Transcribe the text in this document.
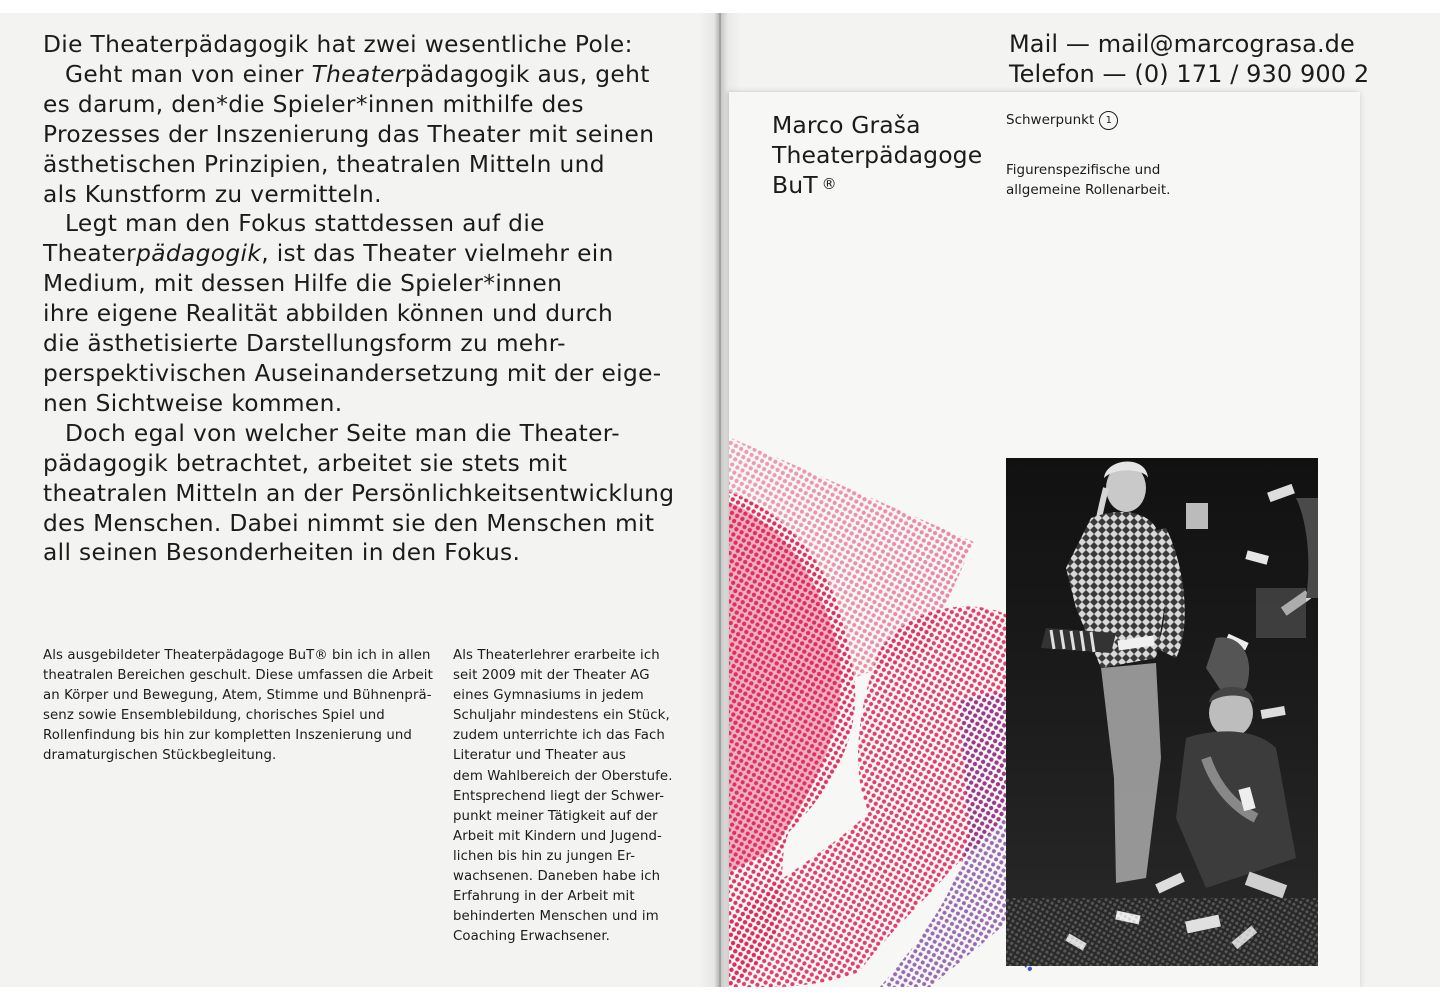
Die Theaterpädagogik hat zwei wesentliche Pole:
Geht man von einer Theaterpädagogik aus, geht
es darum, den*die Spieler*innen mithilfe des
Prozesses der Inszenierung das Theater mit seinen
ästhetischen Prinzipien, theatralen Mitteln und
als Kunstform zu vermitteln.
Legt man den Fokus stattdessen auf die
Theaterpädagogik, ist das Theater vielmehr ein
Medium, mit dessen Hilfe die Spieler*innen
ihre eigene Realität abbilden können und durch
die ästhetisierte Darstellungsform zu mehr-
perspektivischen Auseinandersetzung mit der eige-
nen Sichtweise kommen.
Doch egal von welcher Seite man die Theater-
pädagogik betrachtet, arbeitet sie stets mit
theatralen Mitteln an der Persönlichkeitsentwicklung
des Menschen. Dabei nimmt sie den Menschen mit
all seinen Besonderheiten in den Fokus.
Als ausgebildeter Theaterpädagoge BuT® bin ich in allen
theatralen Bereichen geschult. Diese umfassen die Arbeit
an Körper und Bewegung, Atem, Stimme und Bühnenprä-
senz sowie Ensemblebildung, chorisches Spiel und
Rollenfindung bis hin zur kompletten Inszenierung und
dramaturgischen Stückbegleitung.
Als Theaterlehrer erarbeite ich
seit 2009 mit der Theater AG
eines Gymnasiums in jedem
Schuljahr mindestens ein Stück,
zudem unterrichte ich das Fach
Literatur und Theater aus
dem Wahlbereich der Oberstufe.
Entsprechend liegt der Schwer-
punkt meiner Tätigkeit auf der
Arbeit mit Kindern und Jugend-
lichen bis hin zu jungen Er-
wachsenen. Daneben habe ich
Erfahrung in der Arbeit mit
behinderten Menschen und im
Coaching Erwachsener.
Mail — mail@marcograsa.de
Telefon — (0) 171 / 930 900 2
Marco Graša
Theaterpädagoge
BuT ®
Schwerpunkt	1
Figurenspezifische und
allgemeine Rollenarbeit.
